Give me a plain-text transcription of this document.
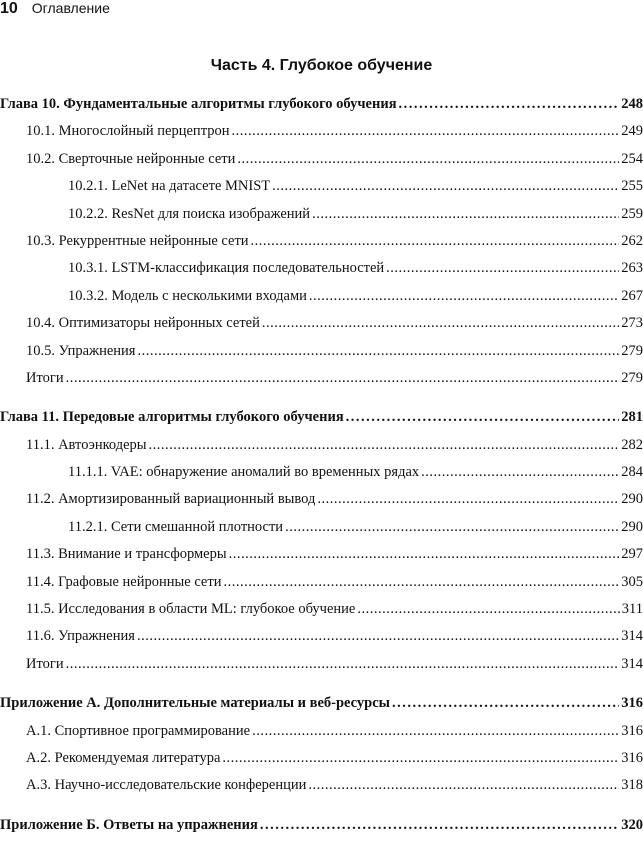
10 Оглавление
Часть 4. Глубокое обучение
Глава 10. Фундаментальные алгоритмы глубокого обучения .....	248
10.1. Многослойный перцептрон .....	249
10.2. Сверточные нейронные сети .....	254
10.2.1. LeNet на датасете MNIST .....	255
10.2.2. ResNet для поиска изображений .....	259
10.3. Рекуррентные нейронные сети .....	262
10.3.1. LSTM-классификация последовательностей .....	263
10.3.2. Модель с несколькими входами .....	267
10.4. Оптимизаторы нейронных сетей .....	273
10.5. Упражнения .....	279
Итоги .....	279
Глава 11. Передовые алгоритмы глубокого обучения .....	281
11.1. Автоэнкодеры .....	282
11.1.1. VAE: обнаружение аномалий во временных рядах .....	284
11.2. Амортизированный вариационный вывод .....	290
11.2.1. Сети смешанной плотности .....	290
11.3. Внимание и трансформеры .....	297
11.4. Графовые нейронные сети .....	305
11.5. Исследования в области ML: глубокое обучение .....	311
11.6. Упражнения .....	314
Итоги .....	314
Приложение А. Дополнительные материалы и веб-ресурсы .....	316
А.1. Спортивное программирование .....	316
А.2. Рекомендуемая литература .....	316
А.3. Научно-исследовательские конференции .....	318
Приложение Б. Ответы на упражнения .....	320
